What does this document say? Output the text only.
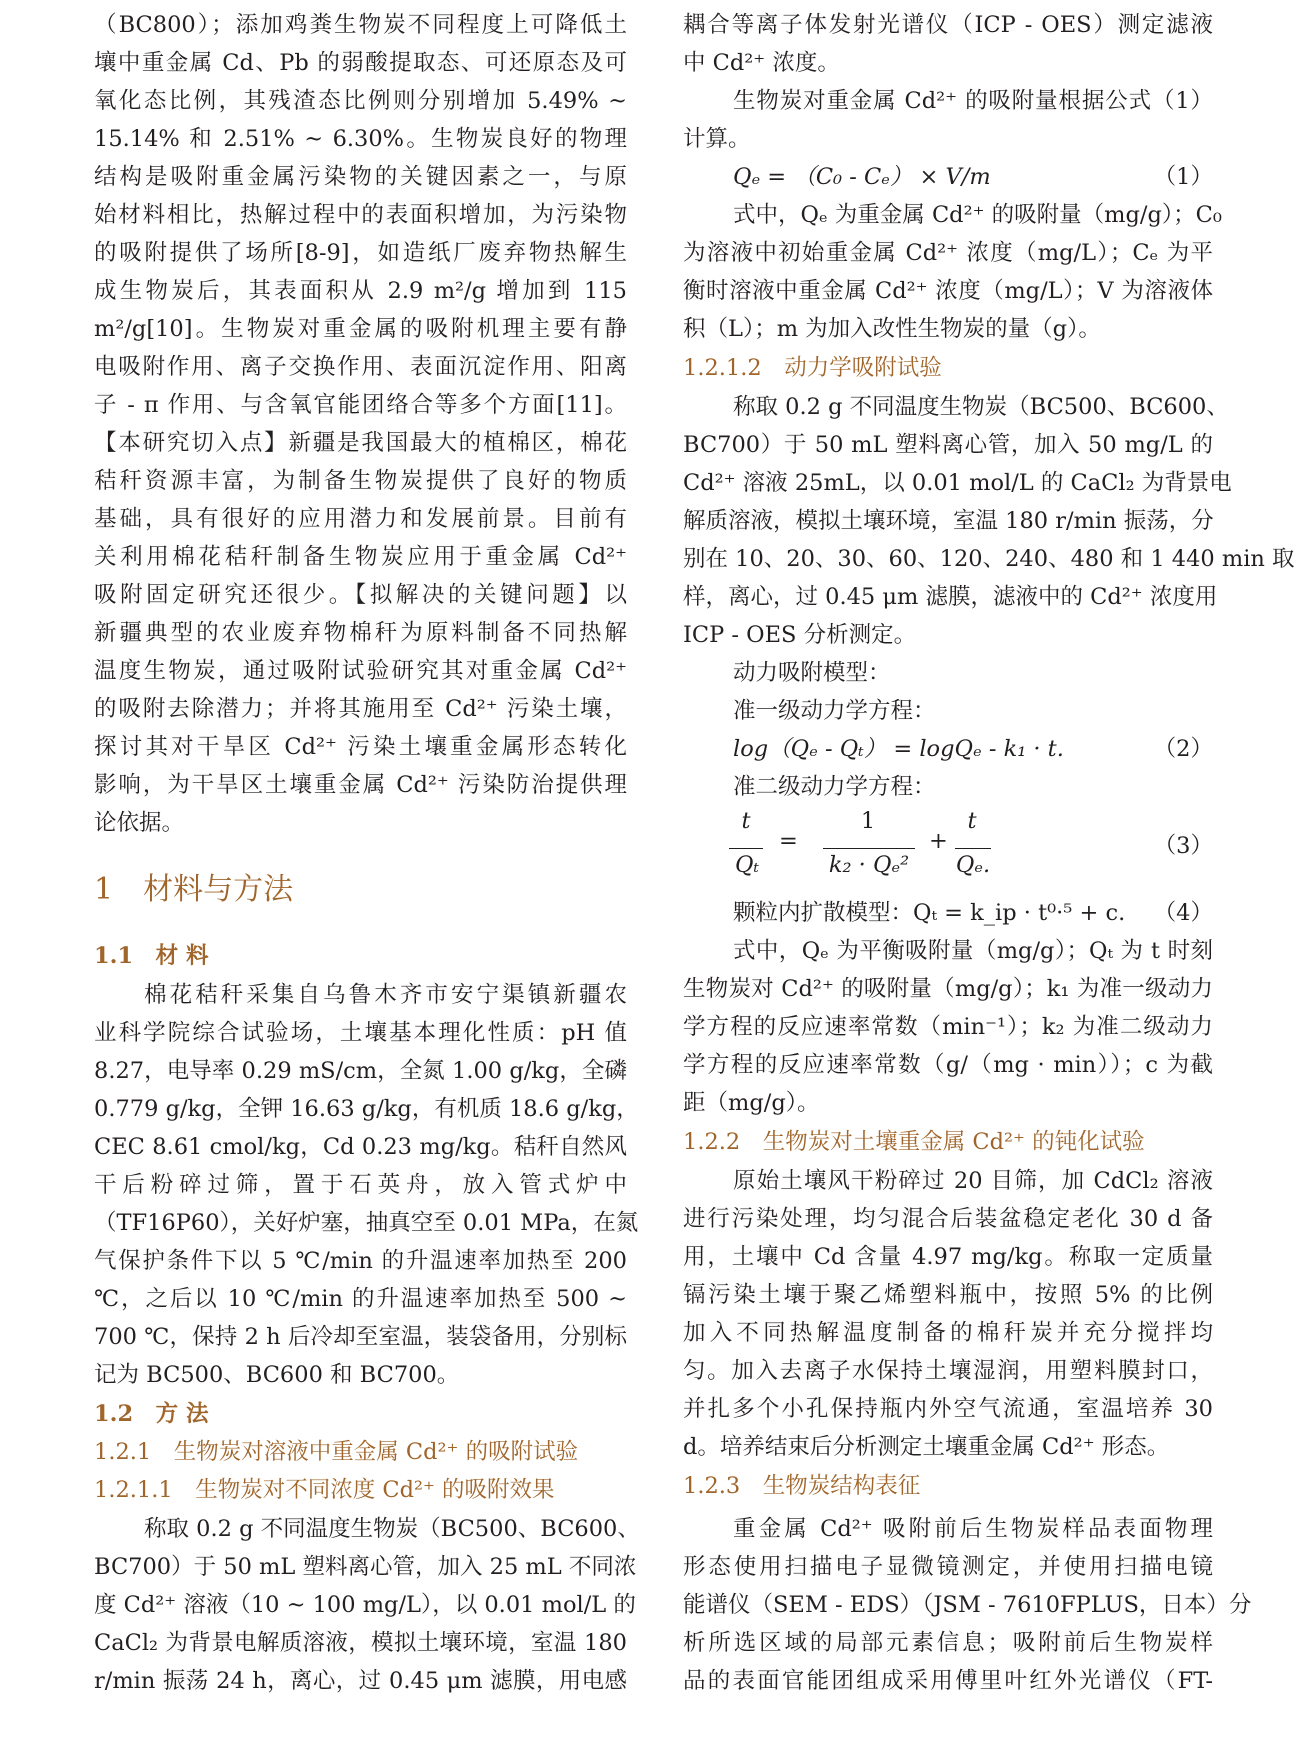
（BC800）；添加鸡粪生物炭不同程度上可降低土
壤中重金属 Cd、Pb 的弱酸提取态、可还原态及可
氧化态比例，其残渣态比例则分别增加 5.49% ~
15.14% 和 2.51% ~ 6.30%。生物炭良好的物理
结构是吸附重金属污染物的关键因素之一，与原
始材料相比，热解过程中的表面积增加，为污染物
的吸附提供了场所[8-9]，如造纸厂废弃物热解生
成生物炭后，其表面积从 2.9 m²/g 增加到 115
m²/g[10]。生物炭对重金属的吸附机理主要有静
电吸附作用、离子交换作用、表面沉淀作用、阳离
子 - π 作用、与含氧官能团络合等多个方面[11]。
【本研究切入点】新疆是我国最大的植棉区，棉花
秸秆资源丰富，为制备生物炭提供了良好的物质
基础，具有很好的应用潜力和发展前景。目前有
关利用棉花秸秆制备生物炭应用于重金属 Cd²⁺
吸附固定研究还很少。【拟解决的关键问题】以
新疆典型的农业废弃物棉秆为原料制备不同热解
温度生物炭，通过吸附试验研究其对重金属 Cd²⁺
的吸附去除潜力；并将其施用至 Cd²⁺ 污染土壤，
探讨其对干旱区 Cd²⁺ 污染土壤重金属形态转化
影响，为干旱区土壤重金属 Cd²⁺ 污染防治提供理
论依据。
1　材料与方法
1.1　材 料
棉花秸秆采集自乌鲁木齐市安宁渠镇新疆农
业科学院综合试验场，土壤基本理化性质：pH 值
8.27，电导率 0.29 mS/cm，全氮 1.00 g/kg，全磷
0.779 g/kg，全钾 16.63 g/kg，有机质 18.6 g/kg，
CEC 8.61 cmol/kg，Cd 0.23 mg/kg。秸秆自然风
干后粉碎过筛，置于石英舟，放入管式炉中
（TF16P60），关好炉塞，抽真空至 0.01 MPa，在氮
气保护条件下以 5 ℃/min 的升温速率加热至 200
℃，之后以 10 ℃/min 的升温速率加热至 500 ~
700 ℃，保持 2 h 后冷却至室温，装袋备用，分别标
记为 BC500、BC600 和 BC700。
1.2　方 法
1.2.1　生物炭对溶液中重金属 Cd²⁺ 的吸附试验
1.2.1.1　生物炭对不同浓度 Cd²⁺ 的吸附效果
称取 0.2 g 不同温度生物炭（BC500、BC600、
BC700）于 50 mL 塑料离心管，加入 25 mL 不同浓
度 Cd²⁺ 溶液（10 ~ 100 mg/L），以 0.01 mol/L 的
CaCl₂ 为背景电解质溶液，模拟土壤环境，室温 180
r/min 振荡 24 h，离心，过 0.45 μm 滤膜，用电感
耦合等离子体发射光谱仪（ICP - OES）测定滤液
中 Cd²⁺ 浓度。
生物炭对重金属 Cd²⁺ 的吸附量根据公式（1）
计算。
Qₑ = （C₀ - Cₑ） × V/m	（1）
式中，Qₑ 为重金属 Cd²⁺ 的吸附量（mg/g）；C₀
为溶液中初始重金属 Cd²⁺ 浓度（mg/L）；Cₑ 为平
衡时溶液中重金属 Cd²⁺ 浓度（mg/L）；V 为溶液体
积（L）；m 为加入改性生物炭的量（g）。
1.2.1.2　动力学吸附试验
称取 0.2 g 不同温度生物炭（BC500、BC600、
BC700）于 50 mL 塑料离心管，加入 50 mg/L 的
Cd²⁺ 溶液 25mL，以 0.01 mol/L 的 CaCl₂ 为背景电
解质溶液，模拟土壤环境，室温 180 r/min 振荡，分
别在 10、20、30、60、120、240、480 和 1 440 min 取
样，离心，过 0.45 μm 滤膜，滤液中的 Cd²⁺ 浓度用
ICP - OES 分析测定。
动力吸附模型：
准一级动力学方程：
log（Qₑ - Qₜ） = logQₑ - k₁ · t.	（2）
准二级动力学方程：
t
Qₜ
=
1
k₂ · Qₑ²
+
t
Qₑ.
（3）
颗粒内扩散模型：Qₜ = k_ip · t⁰·⁵ + c. （4）
式中，Qₑ 为平衡吸附量（mg/g）；Qₜ 为 t 时刻
生物炭对 Cd²⁺ 的吸附量（mg/g）；k₁ 为准一级动力
学方程的反应速率常数（min⁻¹）；k₂ 为准二级动力
学方程的反应速率常数（g/（mg · min））；c 为截
距（mg/g）。
1.2.2　生物炭对土壤重金属 Cd²⁺ 的钝化试验
原始土壤风干粉碎过 20 目筛，加 CdCl₂ 溶液
进行污染处理，均匀混合后装盆稳定老化 30 d 备
用，土壤中 Cd 含量 4.97 mg/kg。称取一定质量
镉污染土壤于聚乙烯塑料瓶中，按照 5% 的比例
加入不同热解温度制备的棉秆炭并充分搅拌均
匀。加入去离子水保持土壤湿润，用塑料膜封口，
并扎多个小孔保持瓶内外空气流通，室温培养 30
d。培养结束后分析测定土壤重金属 Cd²⁺ 形态。
1.2.3　生物炭结构表征
重金属 Cd²⁺ 吸附前后生物炭样品表面物理
形态使用扫描电子显微镜测定，并使用扫描电镜
能谱仪（SEM - EDS）（JSM - 7610FPLUS，日本）分
析所选区域的局部元素信息；吸附前后生物炭样
品的表面官能团组成采用傅里叶红外光谱仪（FT-
